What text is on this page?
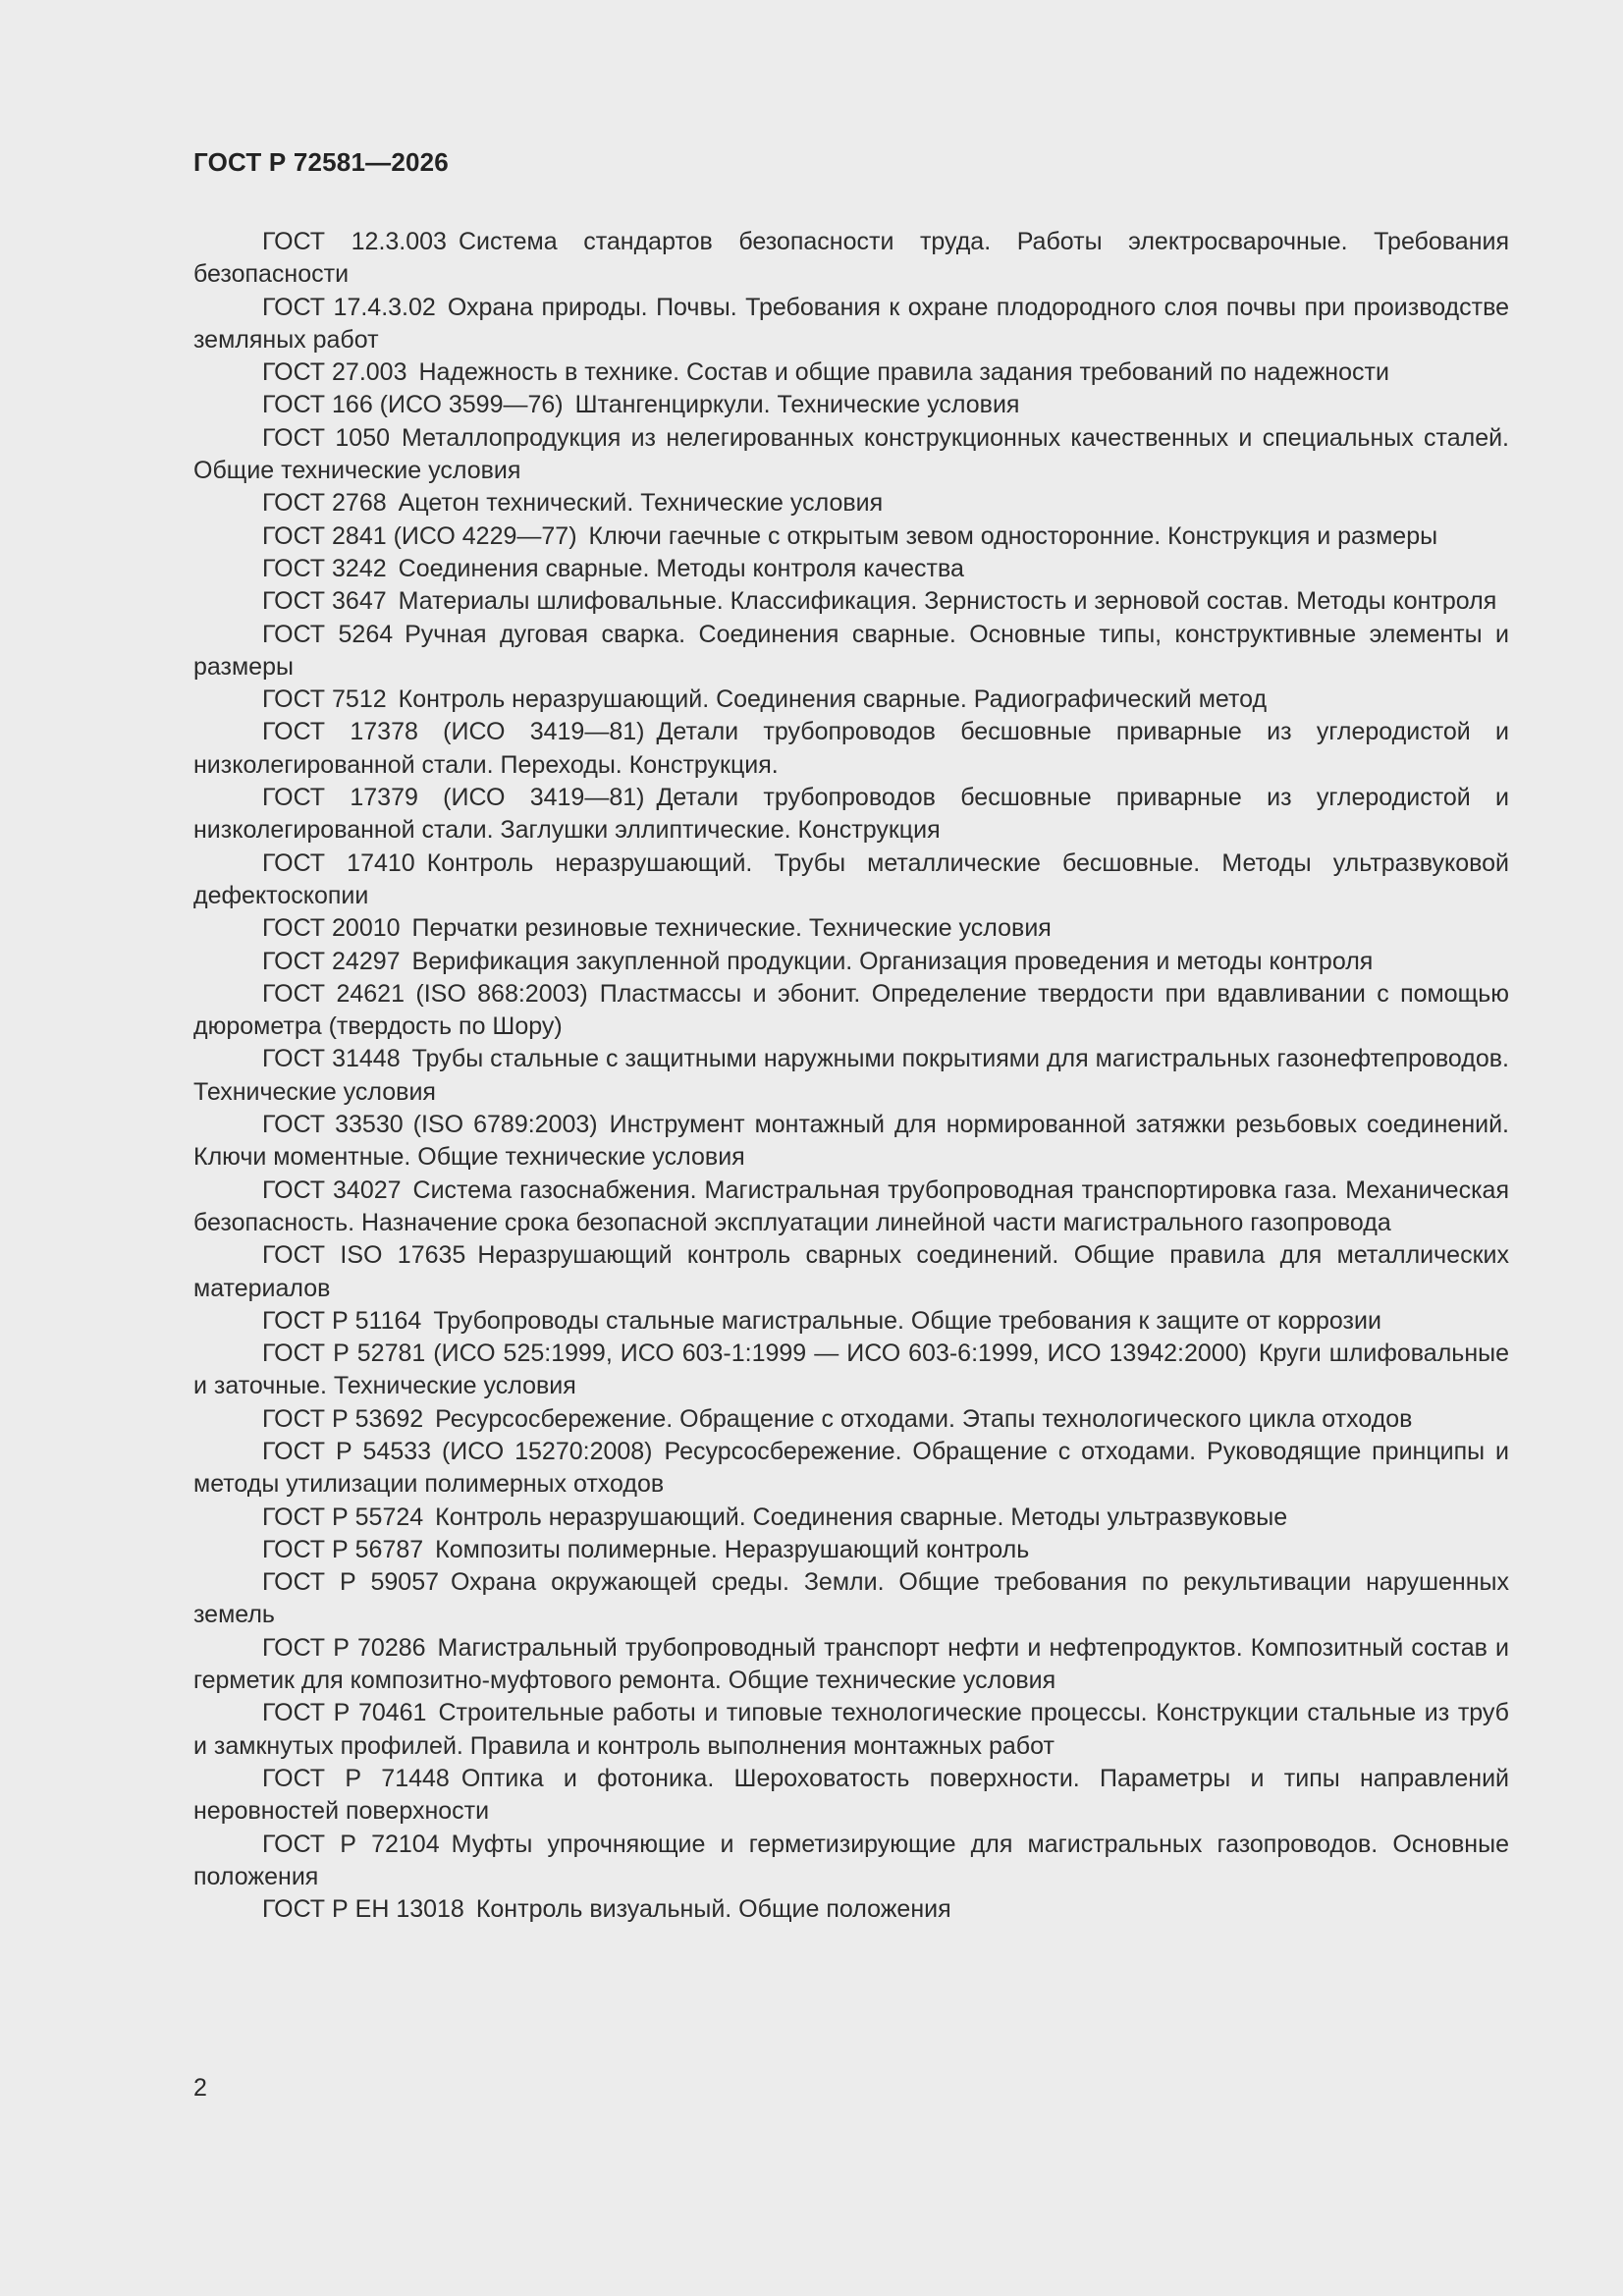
ГОСТ Р 72581—2026

ГОСТ 12.3.003 Система стандартов безопасности труда. Работы электросварочные. Требования безопасности

ГОСТ 17.4.3.02 Охрана природы. Почвы. Требования к охране плодородного слоя почвы при производстве земляных работ

ГОСТ 27.003 Надежность в технике. Состав и общие правила задания требований по надежности

ГОСТ 166 (ИСО 3599—76) Штангенциркули. Технические условия

ГОСТ 1050 Металлопродукция из нелегированных конструкционных качественных и специальных сталей. Общие технические условия

ГОСТ 2768 Ацетон технический. Технические условия

ГОСТ 2841 (ИСО 4229—77) Ключи гаечные с открытым зевом односторонние. Конструкция и размеры

ГОСТ 3242 Соединения сварные. Методы контроля качества

ГОСТ 3647 Материалы шлифовальные. Классификация. Зернистость и зерновой состав. Методы контроля

ГОСТ 5264 Ручная дуговая сварка. Соединения сварные. Основные типы, конструктивные элементы и размеры

ГОСТ 7512 Контроль неразрушающий. Соединения сварные. Радиографический метод

ГОСТ 17378 (ИСО 3419—81) Детали трубопроводов бесшовные приварные из углеродистой и низколегированной стали. Переходы. Конструкция.

ГОСТ 17379 (ИСО 3419—81) Детали трубопроводов бесшовные приварные из углеродистой и низколегированной стали. Заглушки эллиптические. Конструкция

ГОСТ 17410 Контроль неразрушающий. Трубы металлические бесшовные. Методы ультразвуковой дефектоскопии

ГОСТ 20010 Перчатки резиновые технические. Технические условия

ГОСТ 24297 Верификация закупленной продукции. Организация проведения и методы контроля

ГОСТ 24621 (ISO 868:2003) Пластмассы и эбонит. Определение твердости при вдавливании с помощью дюрометра (твердость по Шору)

ГОСТ 31448 Трубы стальные с защитными наружными покрытиями для магистральных газонефтепроводов. Технические условия

ГОСТ 33530 (ISO 6789:2003) Инструмент монтажный для нормированной затяжки резьбовых соединений. Ключи моментные. Общие технические условия

ГОСТ 34027 Система газоснабжения. Магистральная трубопроводная транспортировка газа. Механическая безопасность. Назначение срока безопасной эксплуатации линейной части магистрального газопровода

ГОСТ ISO 17635 Неразрушающий контроль сварных соединений. Общие правила для металлических материалов

ГОСТ Р 51164 Трубопроводы стальные магистральные. Общие требования к защите от коррозии

ГОСТ Р 52781 (ИСО 525:1999, ИСО 603-1:1999 — ИСО 603-6:1999, ИСО 13942:2000) Круги шлифовальные и заточные. Технические условия

ГОСТ Р 53692 Ресурсосбережение. Обращение с отходами. Этапы технологического цикла отходов

ГОСТ Р 54533 (ИСО 15270:2008) Ресурсосбережение. Обращение с отходами. Руководящие принципы и методы утилизации полимерных отходов

ГОСТ Р 55724 Контроль неразрушающий. Соединения сварные. Методы ультразвуковые

ГОСТ Р 56787 Композиты полимерные. Неразрушающий контроль

ГОСТ Р 59057 Охрана окружающей среды. Земли. Общие требования по рекультивации нарушенных земель

ГОСТ Р 70286 Магистральный трубопроводный транспорт нефти и нефтепродуктов. Композитный состав и герметик для композитно-муфтового ремонта. Общие технические условия

ГОСТ Р 70461 Строительные работы и типовые технологические процессы. Конструкции стальные из труб и замкнутых профилей. Правила и контроль выполнения монтажных работ

ГОСТ Р 71448 Оптика и фотоника. Шероховатость поверхности. Параметры и типы направлений неровностей поверхности

ГОСТ Р 72104 Муфты упрочняющие и герметизирующие для магистральных газопроводов. Основные положения

ГОСТ Р ЕН 13018 Контроль визуальный. Общие положения

2
